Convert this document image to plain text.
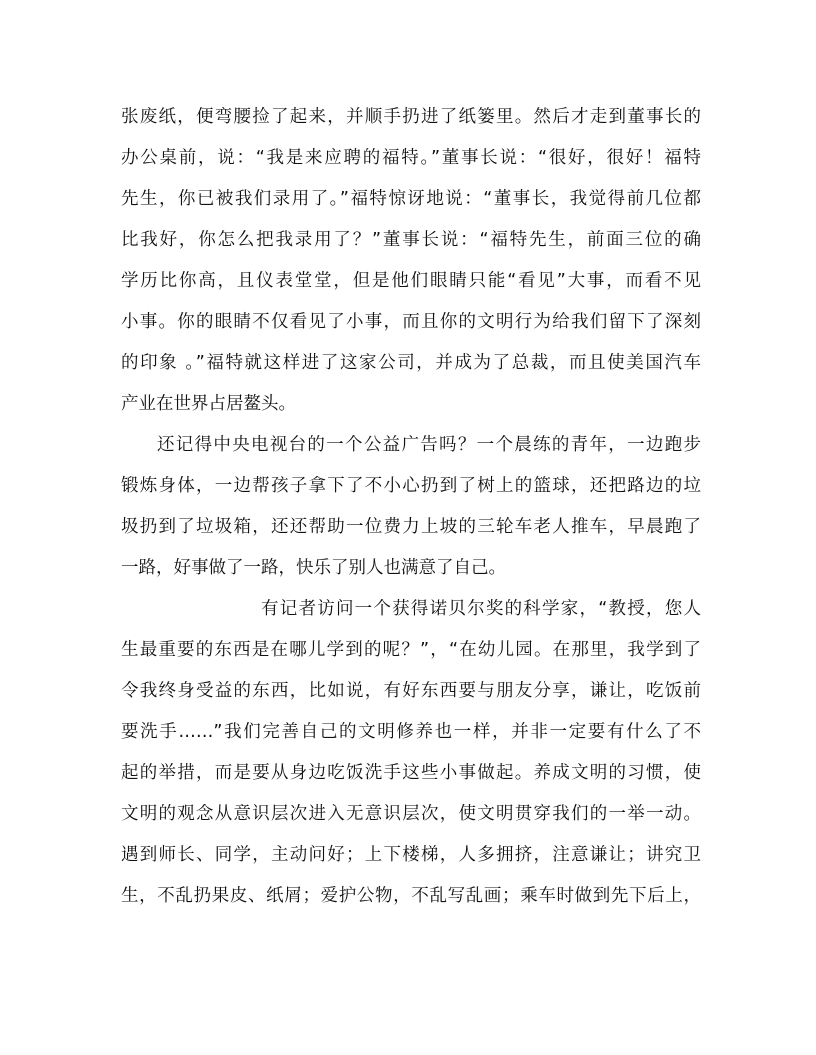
张废纸，便弯腰捡了起来，并顺手扔进了纸篓里。然后才走到董事长的

办公桌前，说：“我是来应聘的福特。”董事长说：“很好，很好！福特

先生，你已被我们录用了。”福特惊讶地说：“董事长，我觉得前几位都

比我好，你怎么把我录用了？”董事长说：“福特先生，前面三位的确

学历比你高，且仪表堂堂，但是他们眼睛只能“看见”大事，而看不见

小事。你的眼睛不仅看见了小事，而且你的文明行为给我们留下了深刻

的印象 。”福特就这样进了这家公司，并成为了总裁，而且使美国汽车

产业在世界占居鳌头。

还记得中央电视台的一个公益广告吗？一个晨练的青年，一边跑步

锻炼身体，一边帮孩子拿下了不小心扔到了树上的篮球，还把路边的垃

圾扔到了垃圾箱，还还帮助一位费力上坡的三轮车老人推车，早晨跑了

一路，好事做了一路，快乐了别人也满意了自己。

有记者访问一个获得诺贝尔奖的科学家，“教授，您人

生最重要的东西是在哪儿学到的呢？”，“在幼儿园。在那里，我学到了

令我终身受益的东西，比如说，有好东西要与朋友分享，谦让，吃饭前

要洗手……”我们完善自己的文明修养也一样，并非一定要有什么了不

起的举措，而是要从身边吃饭洗手这些小事做起。养成文明的习惯，使

文明的观念从意识层次进入无意识层次，使文明贯穿我们的一举一动。

遇到师长、同学，主动问好；上下楼梯，人多拥挤，注意谦让；讲究卫

生，不乱扔果皮、纸屑；爱护公物，不乱写乱画；乘车时做到先下后上，
